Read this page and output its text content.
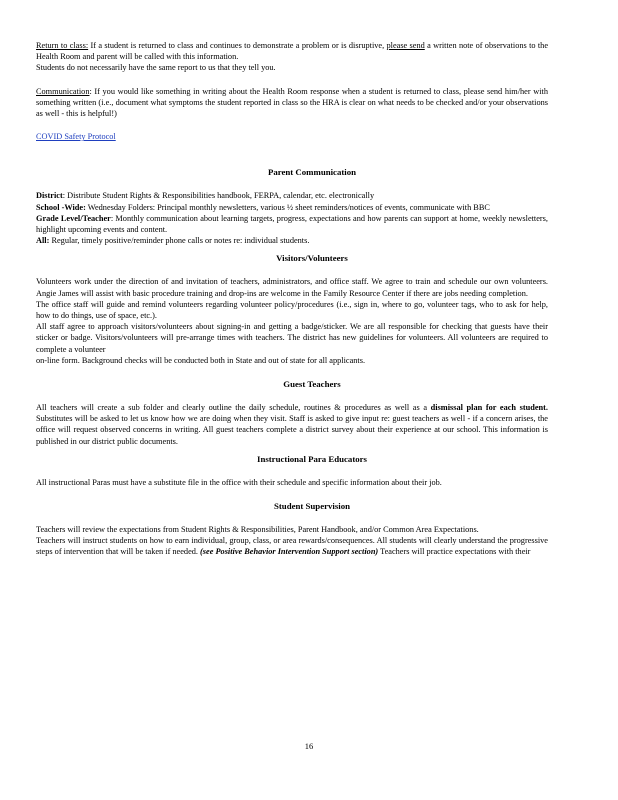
Return to class: If a student is returned to class and continues to demonstrate a problem or is disruptive, please send a written note of observations to the Health Room and parent will be called with this information.

Students do not necessarily have the same report to us that they tell you.

Communication: If you would like something in writing about the Health Room response when a student is returned to class, please send him/her with something written (i.e., document what symptoms the student reported in class so the HRA is clear on what needs to be checked and/or your observations as well - this is helpful!)

COVID Safety Protocol

Parent Communication

District: Distribute Student Rights & Responsibilities handbook, FERPA, calendar, etc. electronically

School -Wide: Wednesday Folders: Principal monthly newsletters, various ½ sheet reminders/notices of events, communicate with BBC

Grade Level/Teacher: Monthly communication about learning targets, progress, expectations and how parents can support at home, weekly newsletters, highlight upcoming events and content.

All: Regular, timely positive/reminder phone calls or notes re: individual students.

Visitors/Volunteers

Volunteers work under the direction of and invitation of teachers, administrators, and office staff. We agree to train and schedule our own volunteers. Angie James will assist with basic procedure training and drop-ins are welcome in the Family Resource Center if there are jobs needing completion.

The office staff will guide and remind volunteers regarding volunteer policy/procedures (i.e., sign in, where to go, volunteer tags, who to ask for help, how to do things, use of space, etc.).

All staff agree to approach visitors/volunteers about signing-in and getting a badge/sticker. We are all responsible for checking that guests have their sticker or badge. Visitors/volunteers will pre-arrange times with teachers. The district has new guidelines for volunteers. All volunteers are required to complete a volunteer

on-line form. Background checks will be conducted both in State and out of state for all applicants.

Guest Teachers

All teachers will create a sub folder and clearly outline the daily schedule, routines & procedures as well as a dismissal plan for each student. Substitutes will be asked to let us know how we are doing when they visit. Staff is asked to give input re: guest teachers as well - if a concern arises, the office will request observed concerns in writing. All guest teachers complete a district survey about their experience at our school. This information is published in our district public documents.

Instructional Para Educators

All instructional Paras must have a substitute file in the office with their schedule and specific information about their job.

Student Supervision

Teachers will review the expectations from Student Rights & Responsibilities, Parent Handbook, and/or Common Area Expectations.

Teachers will instruct students on how to earn individual, group, class, or area rewards/consequences. All students will clearly understand the progressive steps of intervention that will be taken if needed. (see Positive Behavior Intervention Support section) Teachers will practice expectations with their

16
